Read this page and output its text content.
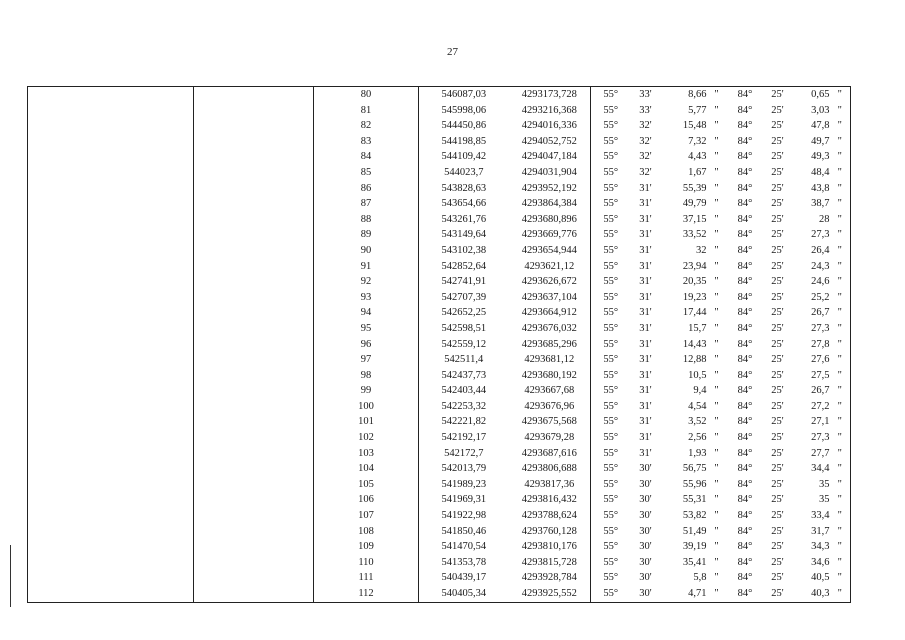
27
		80	546087,03	4293173,728	55°	33'	8,66	"	84°	25'	0,65	"
		81	545998,06	4293216,368	55°	33'	5,77	"	84°	25'	3,03	"
		82	544450,86	4294016,336	55°	32'	15,48	"	84°	25'	47,8	"
		83	544198,85	4294052,752	55°	32'	7,32	"	84°	25'	49,7	"
		84	544109,42	4294047,184	55°	32'	4,43	"	84°	25'	49,3	"
		85	544023,7	4294031,904	55°	32'	1,67	"	84°	25'	48,4	"
		86	543828,63	4293952,192	55°	31'	55,39	"	84°	25'	43,8	"
		87	543654,66	4293864,384	55°	31'	49,79	"	84°	25'	38,7	"
		88	543261,76	4293680,896	55°	31'	37,15	"	84°	25'	28	"
		89	543149,64	4293669,776	55°	31'	33,52	"	84°	25'	27,3	"
		90	543102,38	4293654,944	55°	31'	32	"	84°	25'	26,4	"
		91	542852,64	4293621,12	55°	31'	23,94	"	84°	25'	24,3	"
		92	542741,91	4293626,672	55°	31'	20,35	"	84°	25'	24,6	"
		93	542707,39	4293637,104	55°	31'	19,23	"	84°	25'	25,2	"
		94	542652,25	4293664,912	55°	31'	17,44	"	84°	25'	26,7	"
		95	542598,51	4293676,032	55°	31'	15,7	"	84°	25'	27,3	"
		96	542559,12	4293685,296	55°	31'	14,43	"	84°	25'	27,8	"
		97	542511,4	4293681,12	55°	31'	12,88	"	84°	25'	27,6	"
		98	542437,73	4293680,192	55°	31'	10,5	"	84°	25'	27,5	"
		99	542403,44	4293667,68	55°	31'	9,4	"	84°	25'	26,7	"
		100	542253,32	4293676,96	55°	31'	4,54	"	84°	25'	27,2	"
		101	542221,82	4293675,568	55°	31'	3,52	"	84°	25'	27,1	"
		102	542192,17	4293679,28	55°	31'	2,56	"	84°	25'	27,3	"
		103	542172,7	4293687,616	55°	31'	1,93	"	84°	25'	27,7	"
		104	542013,79	4293806,688	55°	30'	56,75	"	84°	25'	34,4	"
		105	541989,23	4293817,36	55°	30'	55,96	"	84°	25'	35	"
		106	541969,31	4293816,432	55°	30'	55,31	"	84°	25'	35	"
		107	541922,98	4293788,624	55°	30'	53,82	"	84°	25'	33,4	"
		108	541850,46	4293760,128	55°	30'	51,49	"	84°	25'	31,7	"
		109	541470,54	4293810,176	55°	30'	39,19	"	84°	25'	34,3	"
		110	541353,78	4293815,728	55°	30'	35,41	"	84°	25'	34,6	"
		111	540439,17	4293928,784	55°	30'	5,8	"	84°	25'	40,5	"
		112	540405,34	4293925,552	55°	30'	4,71	"	84°	25'	40,3	"
